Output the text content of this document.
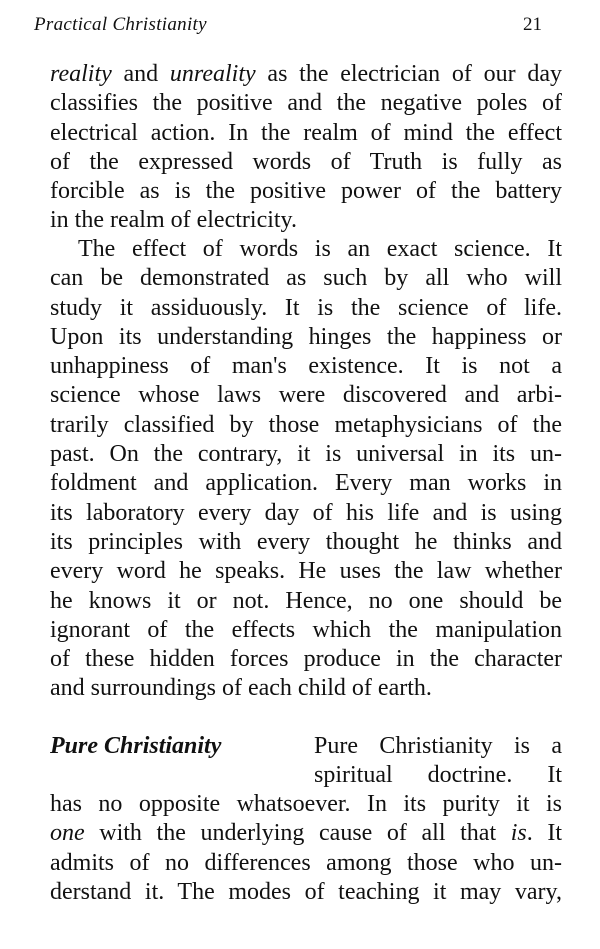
Practical Christianity	21
reality and unreality as the electrician of our day
classifies the positive and the negative poles of
electrical action. In the realm of mind the effect
of the expressed words of Truth is fully as
forcible as is the positive power of the battery
in the realm of electricity.
The effect of words is an exact science. It
can be demonstrated as such by all who will
study it assiduously. It is the science of life.
Upon its understanding hinges the happiness or
unhappiness of man's existence. It is not a
science whose laws were discovered and arbi-
trarily classified by those metaphysicians of the
past. On the contrary, it is universal in its un-
foldment and application. Every man works in
its laboratory every day of his life and is using
its principles with every thought he thinks and
every word he speaks. He uses the law whether
he knows it or not. Hence, no one should be
ignorant of the effects which the manipulation
of these hidden forces produce in the character
and surroundings of each child of earth.
Pure Christianity	Pure Christianity is a
spiritual doctrine. It
has no opposite whatsoever. In its purity it is
one with the underlying cause of all that is. It
admits of no differences among those who un-
derstand it. The modes of teaching it may vary,
